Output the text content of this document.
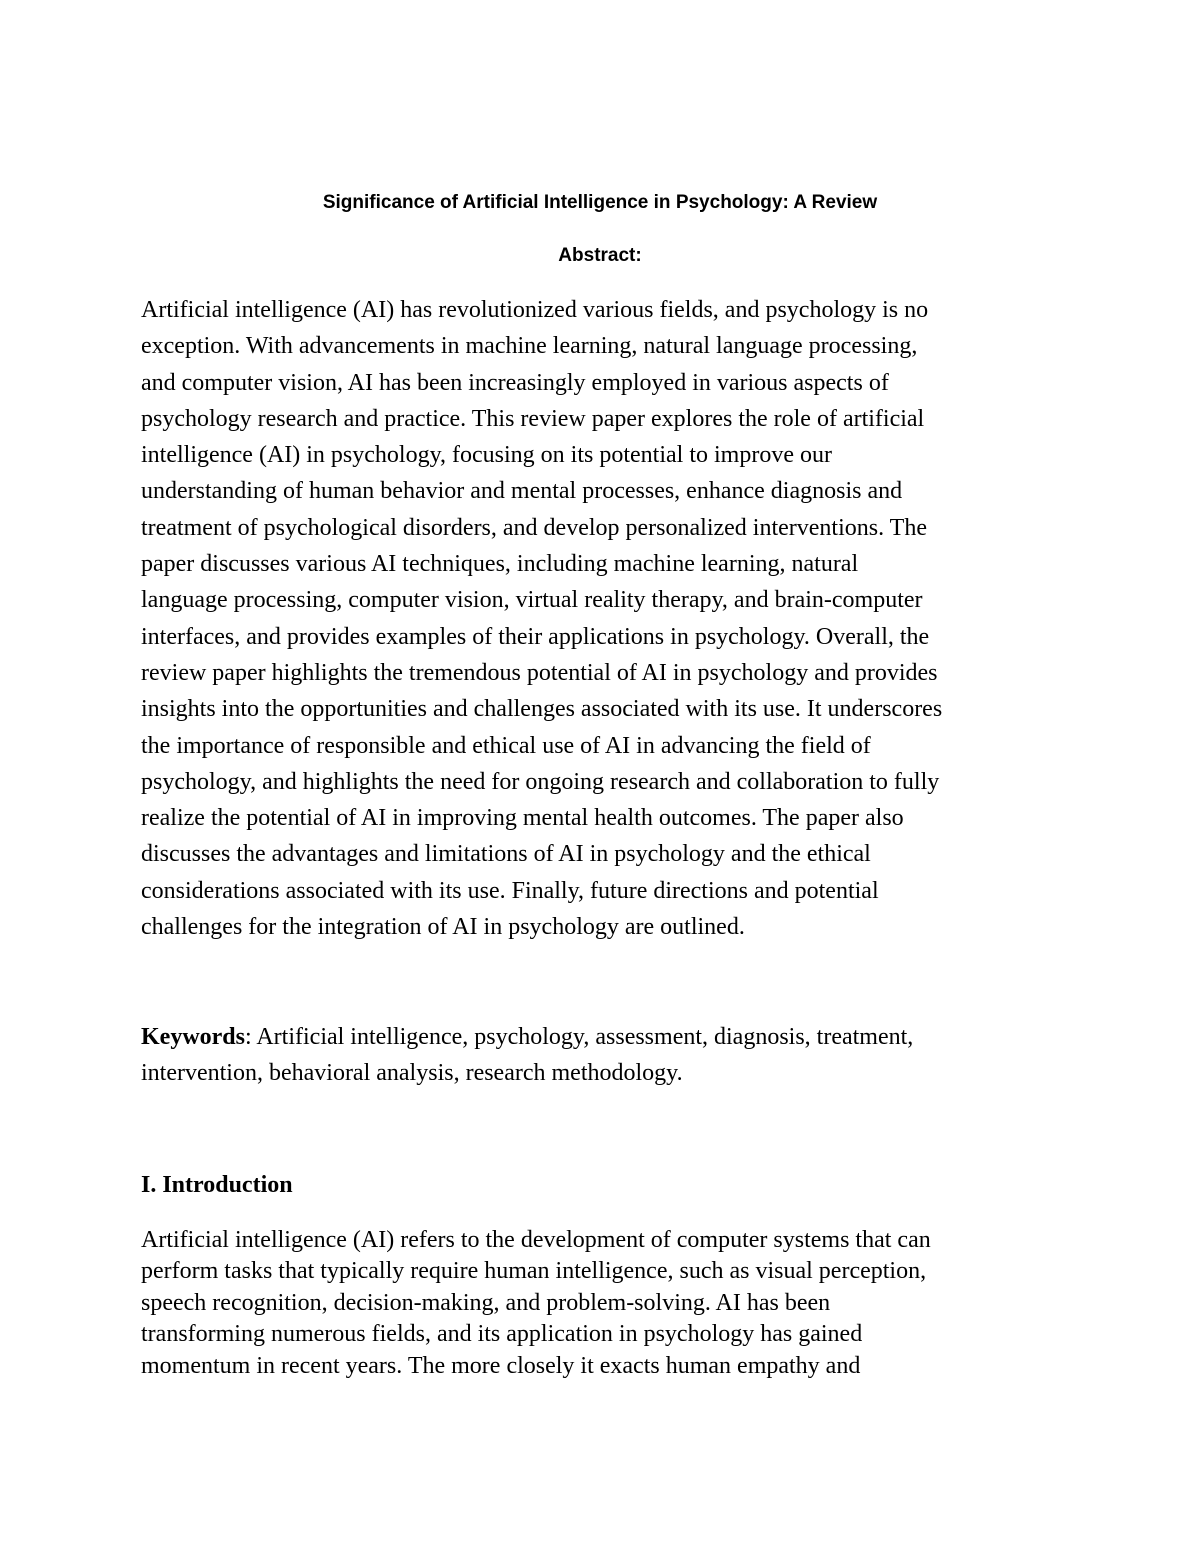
Significance of Artificial Intelligence in Psychology: A Review
Abstract:
Artificial intelligence (AI) has revolutionized various fields, and psychology is no
exception. With advancements in machine learning, natural language processing,
and computer vision, AI has been increasingly employed in various aspects of
psychology research and practice. This review paper explores the role of artificial
intelligence (AI) in psychology, focusing on its potential to improve our
understanding of human behavior and mental processes, enhance diagnosis and
treatment of psychological disorders, and develop personalized interventions. The
paper discusses various AI techniques, including machine learning, natural
language processing, computer vision, virtual reality therapy, and brain-computer
interfaces, and provides examples of their applications in psychology. Overall, the
review paper highlights the tremendous potential of AI in psychology and provides
insights into the opportunities and challenges associated with its use. It underscores
the importance of responsible and ethical use of AI in advancing the field of
psychology, and highlights the need for ongoing research and collaboration to fully
realize the potential of AI in improving mental health outcomes. The paper also
discusses the advantages and limitations of AI in psychology and the ethical
considerations associated with its use. Finally, future directions and potential
challenges for the integration of AI in psychology are outlined.
Keywords: Artificial intelligence, psychology, assessment, diagnosis, treatment,
intervention, behavioral analysis, research methodology.
I. Introduction
Artificial intelligence (AI) refers to the development of computer systems that can
perform tasks that typically require human intelligence, such as visual perception,
speech recognition, decision-making, and problem-solving. AI has been
transforming numerous fields, and its application in psychology has gained
momentum in recent years. The more closely it exacts human empathy and
